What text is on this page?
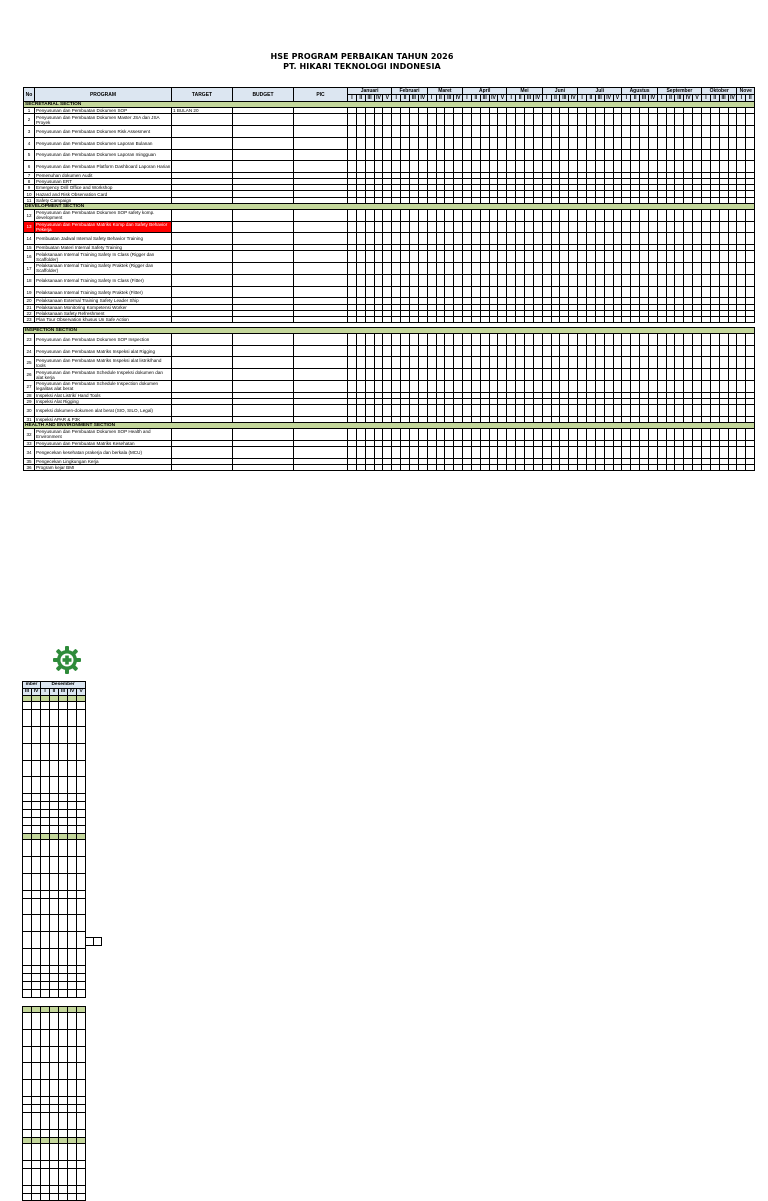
HSE PROGRAM PERBAIKAN TAHUN 2026
PT. HIKARI TEKNOLOGI INDONESIA
No	PROGRAM	TARGET	BUDGET	PIC	Januari					Februari				Maret				April					Mei				Juni				Juli					Agustus				September					Oktober				Nove	
					I	II	III	IV	V	I	II	III	IV	I	II	III	IV	I	II	III	IV	V	I	II	III	IV	I	II	III	IV	I	II	III	IV	V	I	II	III	IV	I	II	III	IV	V	I	II	III	IV	I	II
SECRETARIAL SECTION																																																		
1	Penyusunan dan Pembuatan Dokumen SOP	1 BULAN 20																																																
2	Penyusunan dan Pembuatan Dokumen Master JSA dan JSA Proyek																																																	
3	Penyusunan dan Pembuatan Dokumen Risk Assesment																																																	
4	Penyusunan dan Pembuatan Dokumen Laporan Bulanan																																																	
5	Penyusunan dan Pembuatan Dokumen Laporan mingguan																																																	
6	Penyusunan dan Pembuatan Platform Dashboard Laporan Harian																																																	
7	Pemenuhan dokumen Audit																																																	
8	Penyusunan ERT																																																	
9	Emergency Drill Office and Workshop																																																	
10	Hazard and Risk Observation Card																																																	
11	Safety Campaign																																																	
DEVELOPMENT SECTION																																																		
12	Penyusunan dan Pembuatan Dokumen SOP safety komp. development																																																	
13	Penyusunan dan Pembuatan Matriks Komp dan Safety Behavior Pekerja																																																	
14	Pembuatan Jadwal Internal Safety Behavior Training																																																	
15	Pembuatan Materi Internal Safety Training																																																	
16	Pelaksanaan Internal Training Safety In Class (Rigger dan Scaffolder)																																																	
17	Pelaksanaan Internal Training Safety Praktek (Rigger dan Scaffolder)																																																	
18	Pelaksanaan Internal Training Safety In Class (Fitter)																																																	
19	Pelaksanaan Internal Training Safety Praktek (Fitter)																																																	
20	Pelaksanaan External Training Safety Leader Ship																																																	
21	Pelaksanaan Monitoring Kompetensi Worker																																																	
22	Pelaksanaan Safety Refreshment																																																	
23	Plan Tour Observation khusus Un Safe Action																																																	

INSPECTION SECTION																																																		
23	Penyusunan dan Pembuatan Dokumen SOP Inspection																																																	
24	Penyusunan dan Pembuatan Matriks Inspeksi alat Rigging																																																	
25	Penyusunan dan Pembuatan Matriks Inspeksi alat listrik/hand tools																																																	
26	Penyusunan dan Pembuatan Schedule Inspeksi dokumen dan alat kerja																																																	
27	Penyusunan dan Pembuatan Schedule Inspection dokumen legalitas alat berat																																																	
28	Inspeksi Alat Listrik/ Hand Tools																																																	
29	Inspeksi Alat Rigging																																																	
30	Inspeksi dokumen-dokumen alat berat (SIO, SILO, Legal)																																																	
31	Inspeksi APAR & P3K																																																	
HEALTH AND ENVIRONMENT SECTION																																																		
32	Penyusunan dan Pembuatan Dokumen SOP Health and Environment																																																	
33	Penyusunan dan Pembuatan Matriks Kesehatan																																																	
34	Pengecekan kesehatan prakerja dan berkala (MCU)																																																	
35	Pengecekan Lingkungan Kerja																																																	
36	Program kejar BMI																																																	
mber		Desember				
III	IV	I	II	III	IV	V
